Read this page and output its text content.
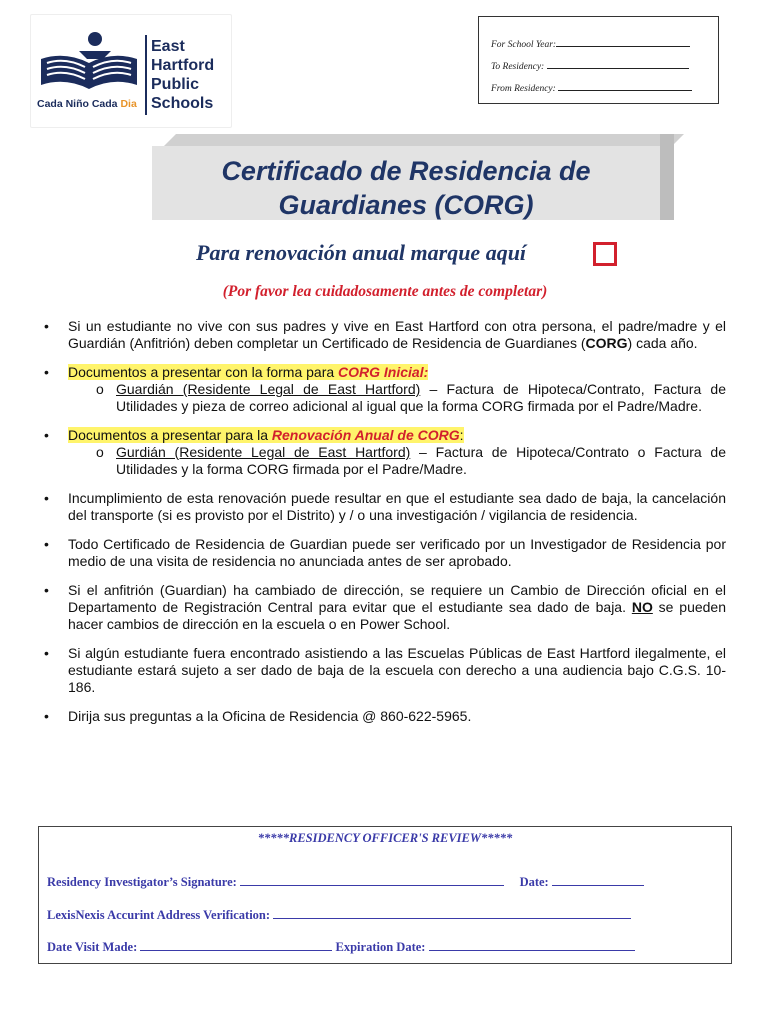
East
Hartford
Public
Schools
Cada Niño Cada Dia
For School Year:
To Residency:
From Residency:
Certificado de Residencia de Guardianes (CORG)
Para renovación anual marque aquí
(Por favor lea cuidadosamente antes de completar)
• Si un estudiante no vive con sus padres y vive en East Hartford con otra persona, el padre/madre y el Guardián (Anfitrión) deben completar un Certificado de Residencia de Guardianes (CORG) cada año.
• Documentos a presentar con la forma para CORG Inicial:
o Guardián (Residente Legal de East Hartford) – Factura de Hipoteca/Contrato, Factura de Utilidades y pieza de correo adicional al igual que la forma CORG firmada por el Padre/Madre.
• Documentos a presentar para la Renovación Anual de CORG:
o Gurdián (Residente Legal de East Hartford) – Factura de Hipoteca/Contrato o Factura de Utilidades y la forma CORG firmada por el Padre/Madre.
• Incumplimiento de esta renovación puede resultar en que el estudiante sea dado de baja, la cancelación del transporte (si es provisto por el Distrito) y / o una investigación / vigilancia de residencia.
• Todo Certificado de Residencia de Guardian puede ser verificado por un Investigador de Residencia por medio de una visita de residencia no anunciada antes de ser aprobado.
• Si el anfitrión (Guardian) ha cambiado de dirección, se requiere un Cambio de Dirección oficial en el Departamento de Registración Central para evitar que el estudiante sea dado de baja. NO se pueden hacer cambios de dirección en la escuela o en Power School.
• Si algún estudiante fuera encontrado asistiendo a las Escuelas Públicas de East Hartford ilegalmente, el estudiante estará sujeto a ser dado de baja de la escuela con derecho a una audiencia bajo C.G.S. 10-186.
• Dirija sus preguntas a la Oficina de Residencia @ 860-622-5965.
*****RESIDENCY OFFICER'S REVIEW*****
Residency Investigator’s Signature:	Date:
LexisNexis Accurint Address Verification:
Date Visit Made:	Expiration Date:
